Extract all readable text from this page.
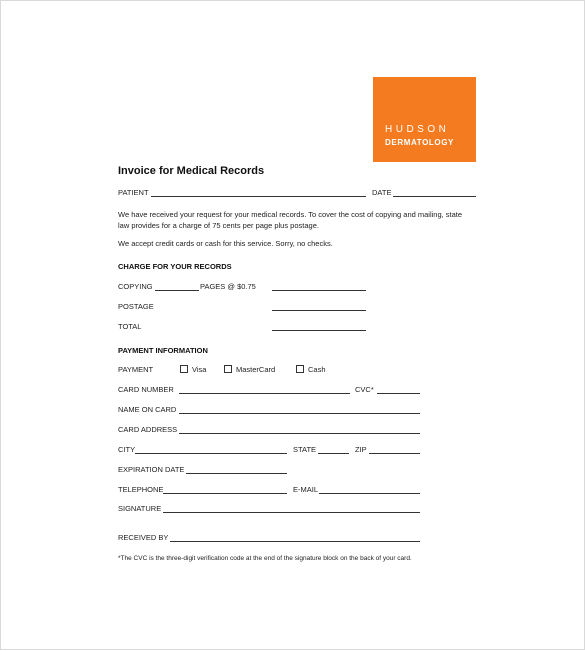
HUDSON
DERMATOLOGY
Invoice for Medical Records
PATIENT	DATE
We have received your request for your medical records. To cover the cost of copying and mailing, state law provides for a charge of 75 cents per page plus postage.
We accept credit cards or cash for this service. Sorry, no checks.
CHARGE FOR YOUR RECORDS
COPYING	PAGES @ $0.75
POSTAGE
TOTAL
PAYMENT INFORMATION
PAYMENT	Visa	MasterCard	Cash
CARD NUMBER	CVC*
NAME ON CARD
CARD ADDRESS
CITY	STATE	ZIP
EXPIRATION DATE
TELEPHONE	E-MAIL
SIGNATURE
RECEIVED BY
*The CVC is the three-digit verification code at the end of the signature block on the back of your card.
